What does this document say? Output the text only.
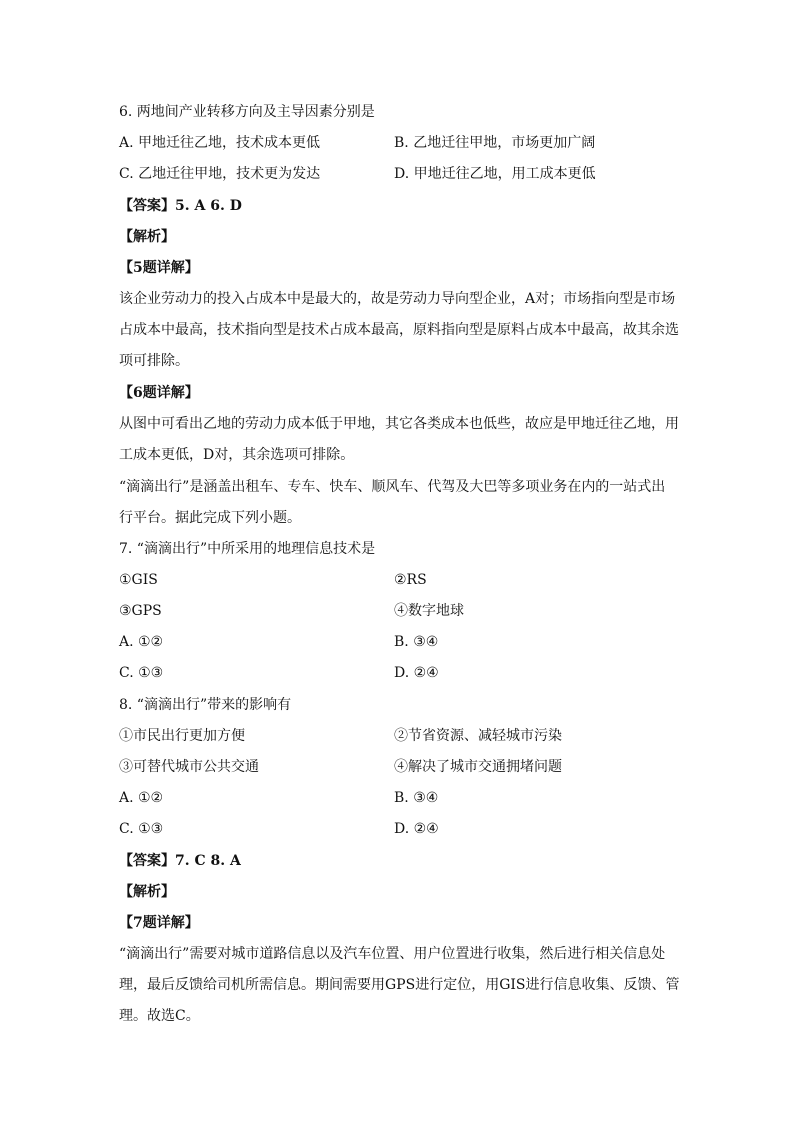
6. 两地间产业转移方向及主导因素分别是
A. 甲地迁往乙地，技术成本更低	B. 乙地迁往甲地，市场更加广阔
C. 乙地迁往甲地，技术更为发达	D. 甲地迁往乙地，用工成本更低
【答案】5. A 6. D
【解析】
【5题详解】
该企业劳动力的投入占成本中是最大的，故是劳动力导向型企业，A对；市场指向型是市场
占成本中最高，技术指向型是技术占成本最高，原料指向型是原料占成本中最高，故其余选
项可排除。
【6题详解】
从图中可看出乙地的劳动力成本低于甲地，其它各类成本也低些，故应是甲地迁往乙地，用
工成本更低，D对，其余选项可排除。
“滴滴出行”是涵盖出租车、专车、快车、顺风车、代驾及大巴等多项业务在内的一站式出
行平台。据此完成下列小题。
7. “滴滴出行”中所采用的地理信息技术是
①GIS	②RS
③GPS	④数字地球
A. ①②	B. ③④
C. ①③	D. ②④
8. “滴滴出行”带来的影响有
①市民出行更加方便	②节省资源、减轻城市污染
③可替代城市公共交通	④解决了城市交通拥堵问题
A. ①②	B. ③④
C. ①③	D. ②④
【答案】7. C 8. A
【解析】
【7题详解】
“滴滴出行”需要对城市道路信息以及汽车位置、用户位置进行收集，然后进行相关信息处
理，最后反馈给司机所需信息。期间需要用GPS进行定位，用GIS进行信息收集、反馈、管
理。故选C。
